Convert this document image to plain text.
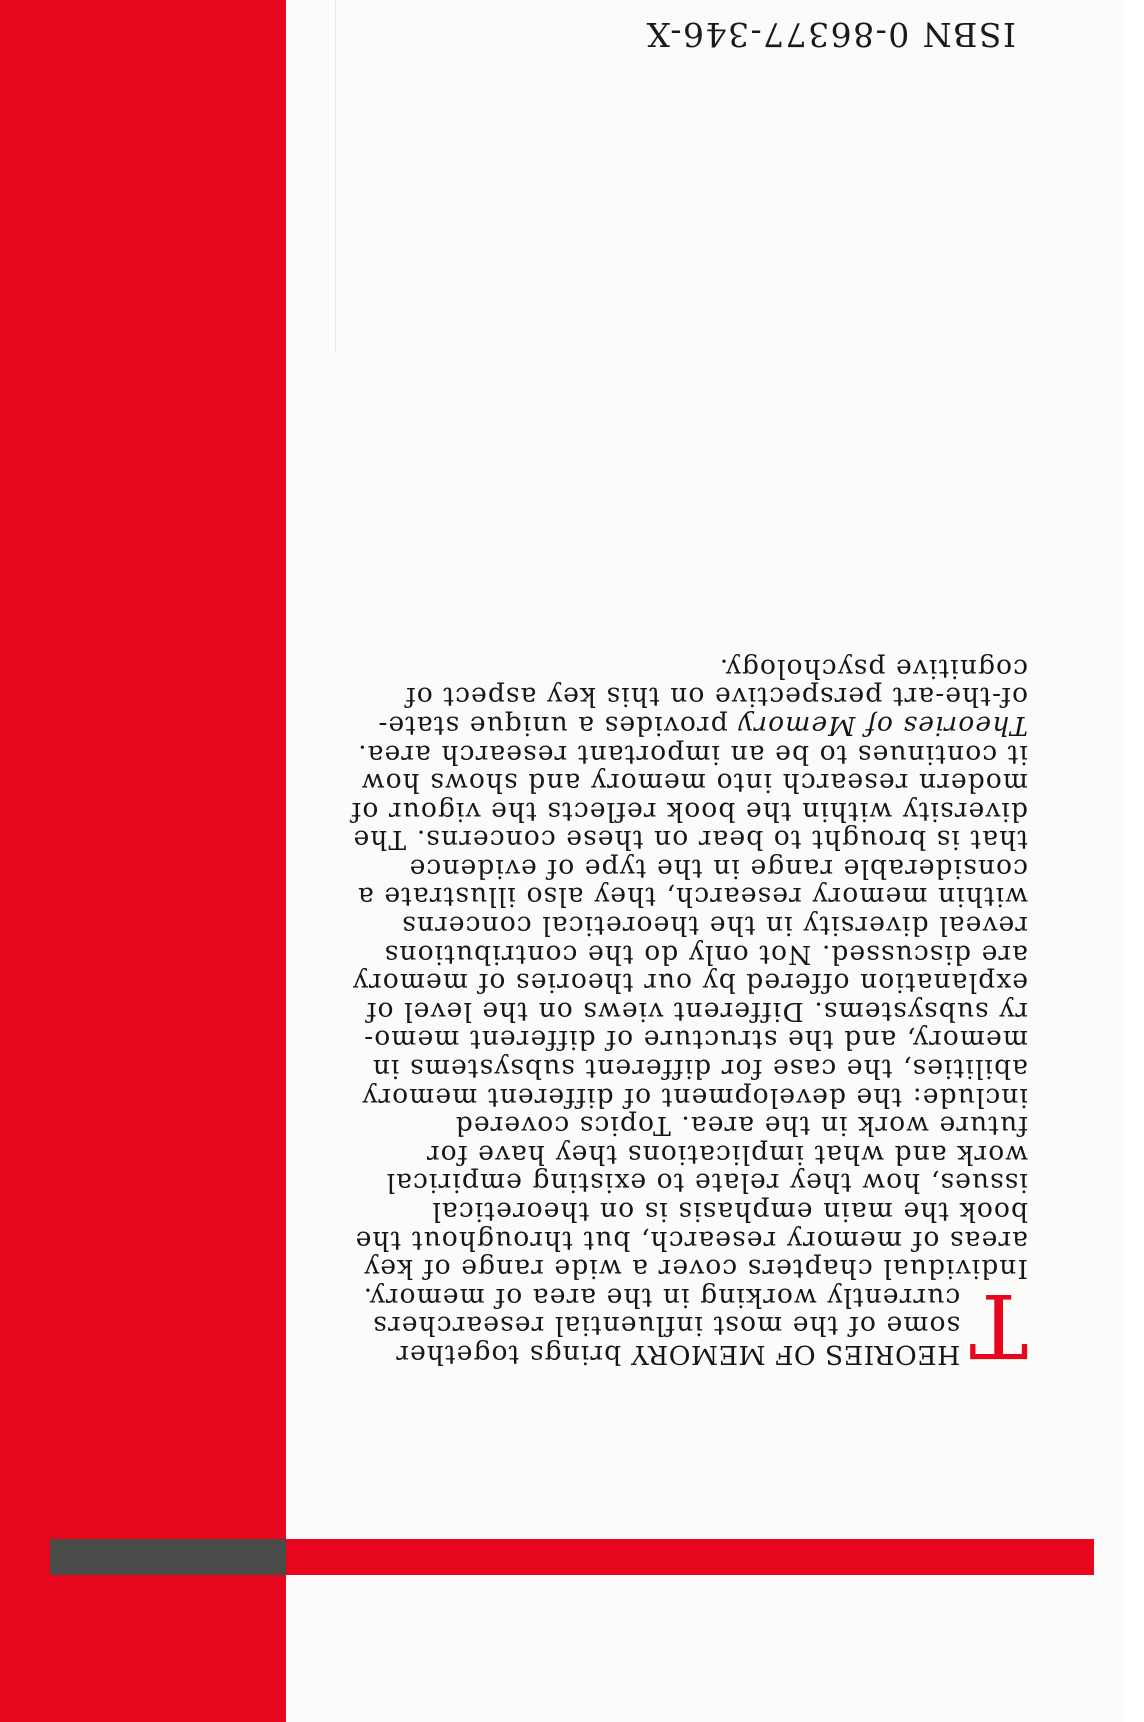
T
HEORIES OF MEMORY brings together
some of the most influential researchers
currently working in the area of memory.
Individual chapters cover a wide range of key
areas of memory research, but throughout the
book the main emphasis is on theoretical
issues, how they relate to existing empirical
work and what implications they have for
future work in the area. Topics covered
include: the development of different memory
abilities, the case for different subsystems in
memory, and the structure of different memo-
ry subsystems. Different views on the level of
explanation offered by our theories of memory
are discussed. Not only do the contributions
reveal diversity in the theoretical concerns
within memory research, they also illustrate a
considerable range in the type of evidence
that is brought to bear on these concerns. The
diversity within the book reflects the vigour of
modern research into memory and shows how
it continues to be an important research area.
Theories of Memory provides a unique state-
of-the-art perspective on this key aspect of
cognitive psychology.
ISBN 0-86377-346-X
